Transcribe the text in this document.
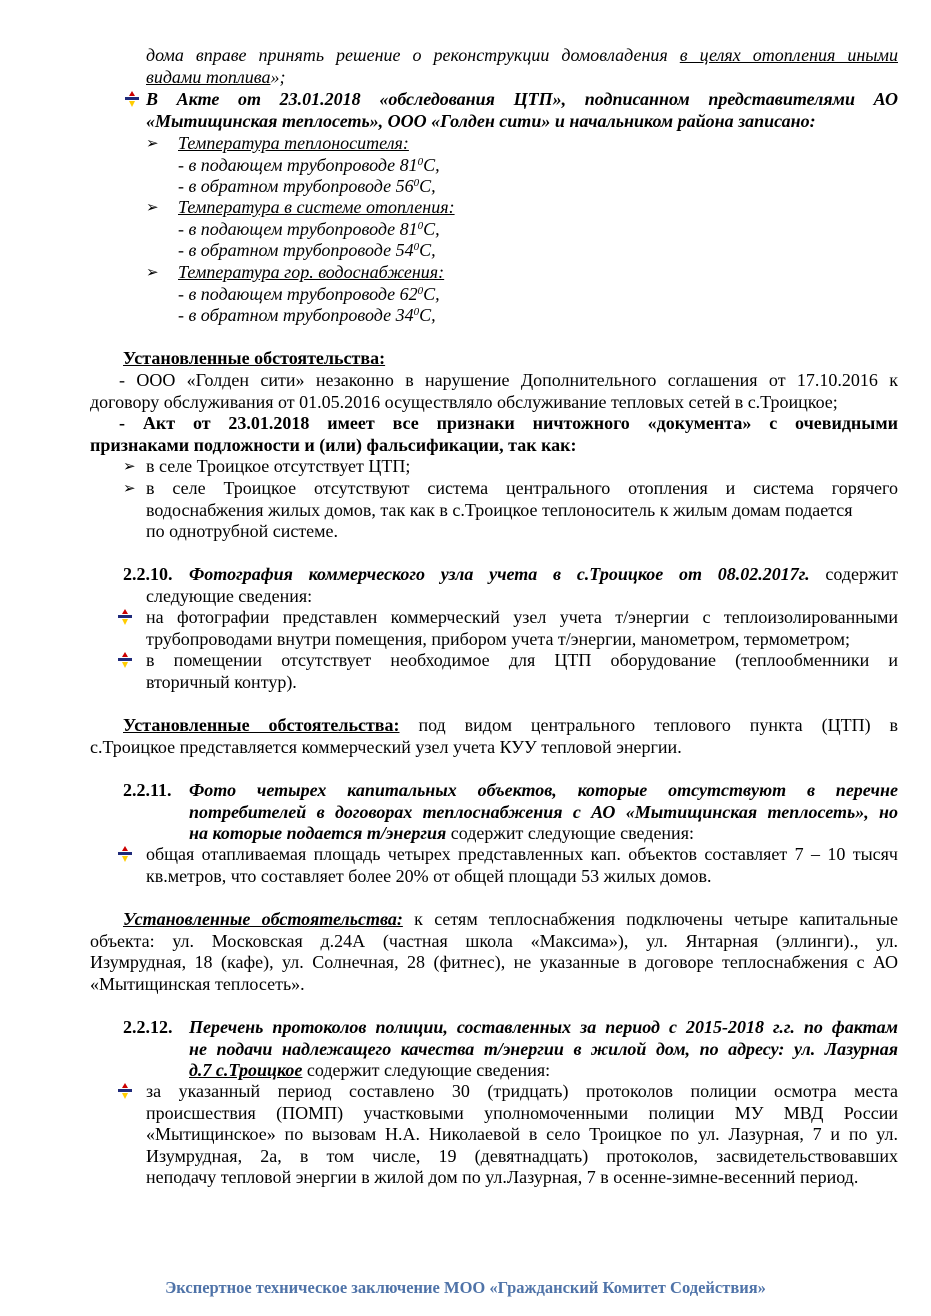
дома вправе принять решение о реконструкции домовладения в целях отопления иными
видами топлива»;
В Акте от 23.01.2018 «обследования ЦТП», подписанном представителями АО
«Мытищинская теплосеть», ООО «Голден сити» и начальником района записано:
➢ Температура теплоносителя:
- в подающем трубопроводе $81^0С$,
- в обратном трубопроводе $56^0С$,
➢ Температура в системе отопления:
- в подающем трубопроводе $81^0С$,
- в обратном трубопроводе $54^0С$,
➢ Температура гор. водоснабжения:
- в подающем трубопроводе $62^0С$,
- в обратном трубопроводе $34^0С$,
Установленные обстоятельства:
- ООО «Голден сити» незаконно в нарушение Дополнительного соглашения от 17.10.2016 к
договору обслуживания от 01.05.2016 осуществляло обслуживание тепловых сетей в с.Троицкое;
- Акт от 23.01.2018 имеет все признаки ничтожного «документа» с очевидными
признаками подложности и (или) фальсификации, так как:
➢ в селе Троицкое отсутствует ЦТП;
➢ в селе Троицкое отсутствуют система центрального отопления и система горячего
водоснабжения жилых домов, так как в с.Троицкое теплоноситель к жилым домам подается
по однотрубной системе.
2.2.10. Фотография коммерческого узла учета в с.Троицкое от 08.02.2017г. содержит
следующие сведения:
на фотографии представлен коммерческий узел учета т/энергии с теплоизолированными
трубопроводами внутри помещения, прибором учета т/энергии, манометром, термометром;
в помещении отсутствует необходимое для ЦТП оборудование (теплообменники и
вторичный контур).
Установленные обстоятельства: под видом центрального теплового пункта (ЦТП) в
с.Троицкое представляется коммерческий узел учета КУУ тепловой энергии.
2.2.11. Фото четырех капитальных объектов, которые отсутствуют в перечне
потребителей в договорах теплоснабжения с АО «Мытищинская теплосеть», но
на которые подается т/энергия содержит следующие сведения:
общая отапливаемая площадь четырех представленных кап. объектов составляет 7 – 10 тысяч
кв.метров, что составляет более 20% от общей площади 53 жилых домов.
Установленные обстоятельства: к сетям теплоснабжения подключены четыре капитальные
объекта: ул. Московская д.24А (частная школа «Максима»), ул. Янтарная (эллинги)., ул.
Изумрудная, 18 (кафе), ул. Солнечная, 28 (фитнес), не указанные в договоре теплоснабжения с АО
«Мытищинская теплосеть».
2.2.12. Перечень протоколов полиции, составленных за период с 2015-2018 г.г. по фактам
не подачи надлежащего качества т/энергии в жилой дом, по адресу: ул. Лазурная
д.7 с.Троицкое содержит следующие сведения:
за указанный период составлено 30 (тридцать) протоколов полиции осмотра места
происшествия (ПОМП) участковыми уполномоченными полиции МУ МВД России
«Мытищинское» по вызовам Н.А. Николаевой в село Троицкое по ул. Лазурная, 7 и по ул.
Изумрудная, 2а, в том числе, 19 (девятнадцать) протоколов, засвидетельствовавших
неподачу тепловой энергии в жилой дом по ул.Лазурная, 7 в осенне-зимне-весенний период.
Экспертное техническое заключение МОО «Гражданский Комитет Содействия»
